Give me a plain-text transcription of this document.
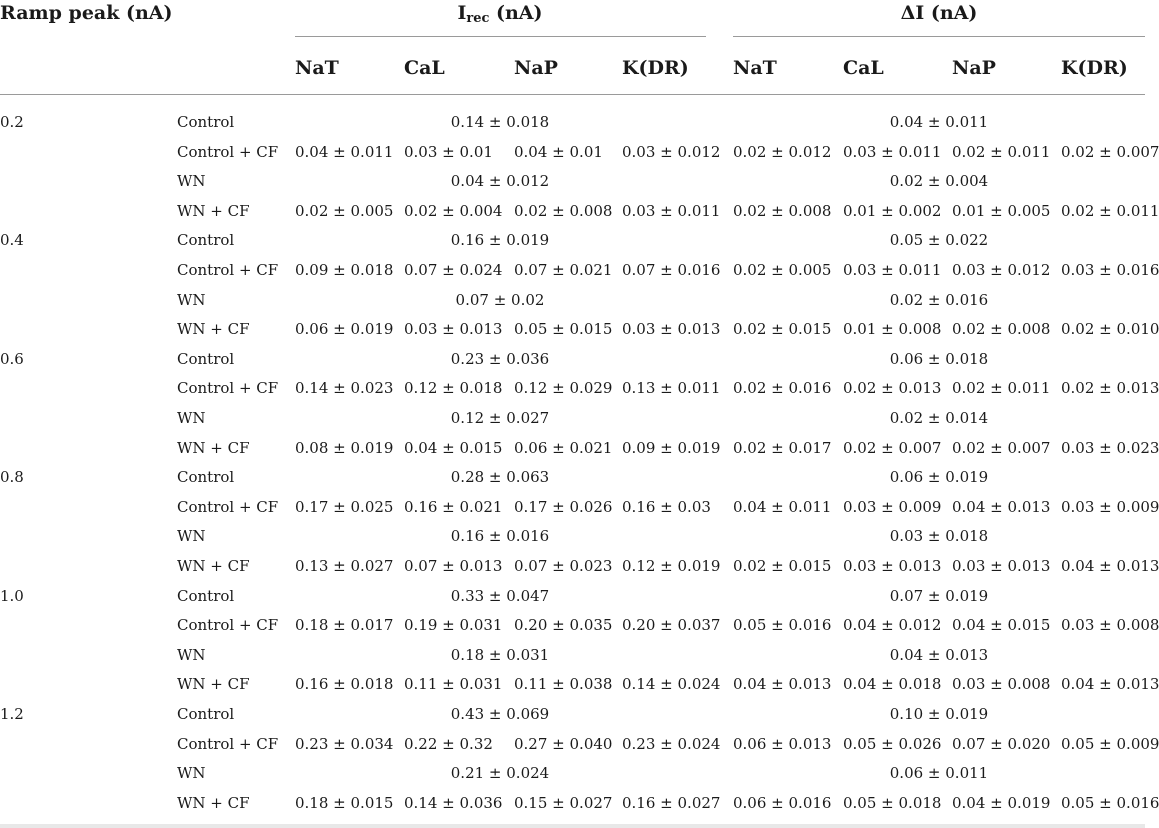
Ramp peak (nA)	$I_{rec}$ (nA)	ΔI (nA)
NaT	CaL	NaP	K(DR) NaT	CaL	NaP	K(DR)
0.2	Control	0.14 ± 0.018	0.04 ± 0.011
Control + CF 0.04 ± 0.011 0.03 ± 0.01 0.04 ± 0.01 0.03 ± 0.012 0.02 ± 0.012 0.03 ± 0.011 0.02 ± 0.011 0.02 ± 0.007
WN	0.04 ± 0.012	0.02 ± 0.004
WN + CF	0.02 ± 0.005 0.02 ± 0.004 0.02 ± 0.008 0.03 ± 0.011 0.02 ± 0.008 0.01 ± 0.002 0.01 ± 0.005 0.02 ± 0.011
0.4	Control	0.16 ± 0.019	0.05 ± 0.022
Control + CF 0.09 ± 0.018 0.07 ± 0.024 0.07 ± 0.021 0.07 ± 0.016 0.02 ± 0.005 0.03 ± 0.011 0.03 ± 0.012 0.03 ± 0.016
WN	0.07 ± 0.02	0.02 ± 0.016
WN + CF	0.06 ± 0.019 0.03 ± 0.013 0.05 ± 0.015 0.03 ± 0.013 0.02 ± 0.015 0.01 ± 0.008 0.02 ± 0.008 0.02 ± 0.010
0.6	Control	0.23 ± 0.036	0.06 ± 0.018
Control + CF 0.14 ± 0.023 0.12 ± 0.018 0.12 ± 0.029 0.13 ± 0.011 0.02 ± 0.016 0.02 ± 0.013 0.02 ± 0.011 0.02 ± 0.013
WN	0.12 ± 0.027	0.02 ± 0.014
WN + CF	0.08 ± 0.019 0.04 ± 0.015 0.06 ± 0.021 0.09 ± 0.019 0.02 ± 0.017 0.02 ± 0.007 0.02 ± 0.007 0.03 ± 0.023
0.8	Control	0.28 ± 0.063	0.06 ± 0.019
Control + CF 0.17 ± 0.025 0.16 ± 0.021 0.17 ± 0.026 0.16 ± 0.03 0.04 ± 0.011 0.03 ± 0.009 0.04 ± 0.013 0.03 ± 0.009
WN	0.16 ± 0.016	0.03 ± 0.018
WN + CF	0.13 ± 0.027 0.07 ± 0.013 0.07 ± 0.023 0.12 ± 0.019 0.02 ± 0.015 0.03 ± 0.013 0.03 ± 0.013 0.04 ± 0.013
1.0	Control	0.33 ± 0.047	0.07 ± 0.019
Control + CF 0.18 ± 0.017 0.19 ± 0.031 0.20 ± 0.035 0.20 ± 0.037 0.05 ± 0.016 0.04 ± 0.012 0.04 ± 0.015 0.03 ± 0.008
WN	0.18 ± 0.031	0.04 ± 0.013
WN + CF	0.16 ± 0.018 0.11 ± 0.031 0.11 ± 0.038 0.14 ± 0.024 0.04 ± 0.013 0.04 ± 0.018 0.03 ± 0.008 0.04 ± 0.013
1.2	Control	0.43 ± 0.069	0.10 ± 0.019
Control + CF 0.23 ± 0.034 0.22 ± 0.32 0.27 ± 0.040 0.23 ± 0.024 0.06 ± 0.013 0.05 ± 0.026 0.07 ± 0.020 0.05 ± 0.009
WN	0.21 ± 0.024	0.06 ± 0.011
WN + CF	0.18 ± 0.015 0.14 ± 0.036 0.15 ± 0.027 0.16 ± 0.027 0.06 ± 0.016 0.05 ± 0.018 0.04 ± 0.019 0.05 ± 0.016
